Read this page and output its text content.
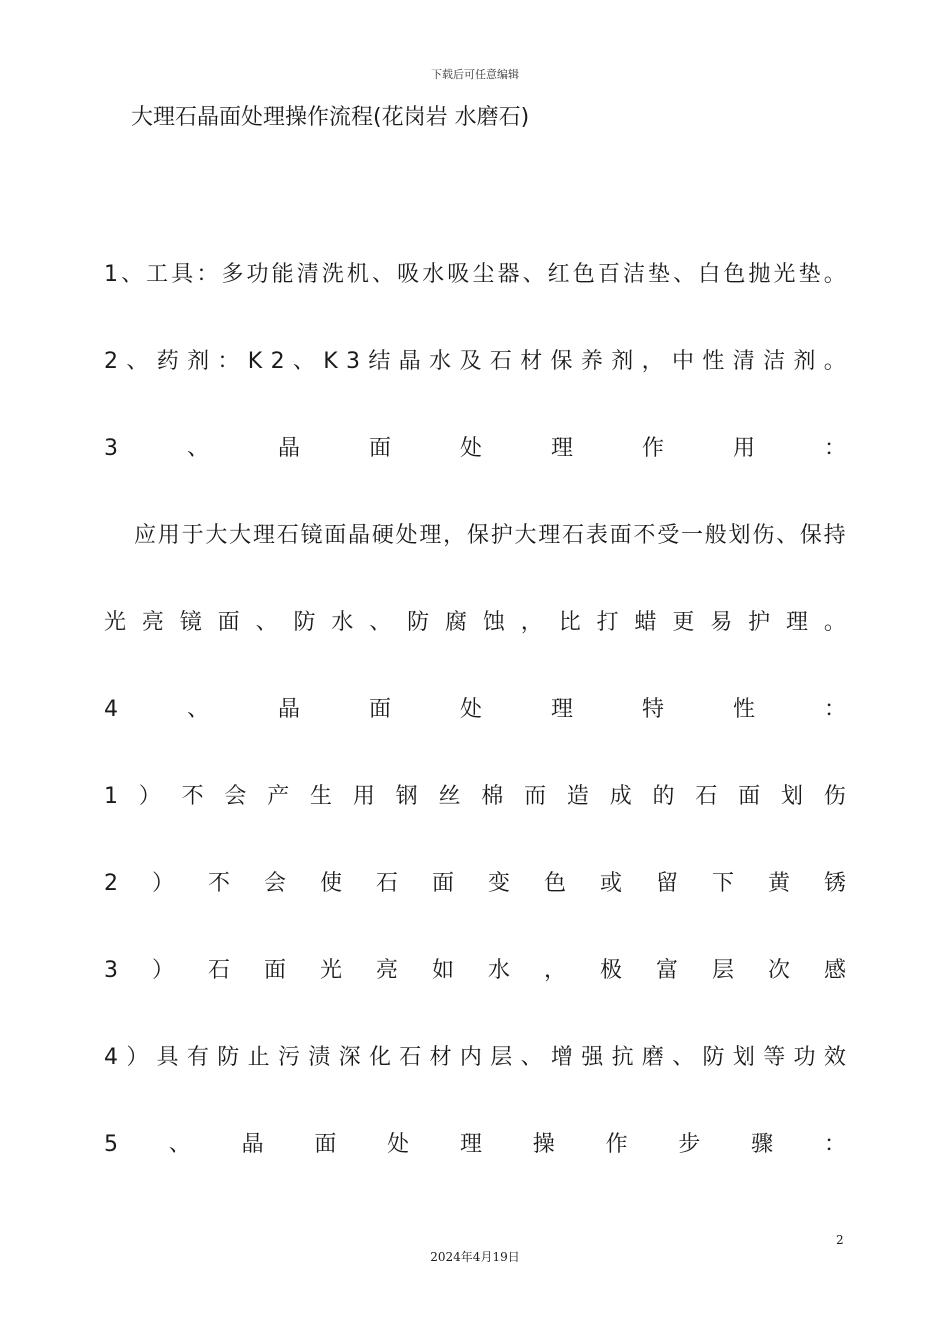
下载后可任意编辑
大理石晶面处理操作流程(花岗岩 水磨石)
1 、 工 具 ： 多 功 能 清 洗 机 、 吸 水 吸 尘 器 、 红 色 百 洁 垫 、 白 色 抛 光 垫 。
2 、 药 剂 ： K 2 、 K 3 结 晶 水 及 石 材 保 养 剂 ， 中 性 清 洁 剂 。
3	、	晶	面	处	理	作	用	：
应 用 于 大 大 理 石 镜 面 晶 硬 处 理 ， 保 护 大 理 石 表 面 不 受 一 般 划 伤 、 保 持
光 亮 镜 面 、 防 水 、 防 腐 蚀 ， 比 打 蜡 更 易 护 理 。
4	、	晶	面	处	理	特	性	：
1 ） 不 会 产 生 用 钢 丝 棉 而 造 成 的 石 面 划 伤
2 ） 不 会 使 石 面 变 色 或 留 下 黄 锈
3 ） 石 面 光 亮 如 水 ， 极 富 层 次 感
4 ） 具 有 防 止 污 渍 深 化 石 材 内 层 、 增 强 抗 磨 、 防 划 等 功 效
5 、 晶 面 处 理 操 作 步 骤 ：
2
2024年4月19日
